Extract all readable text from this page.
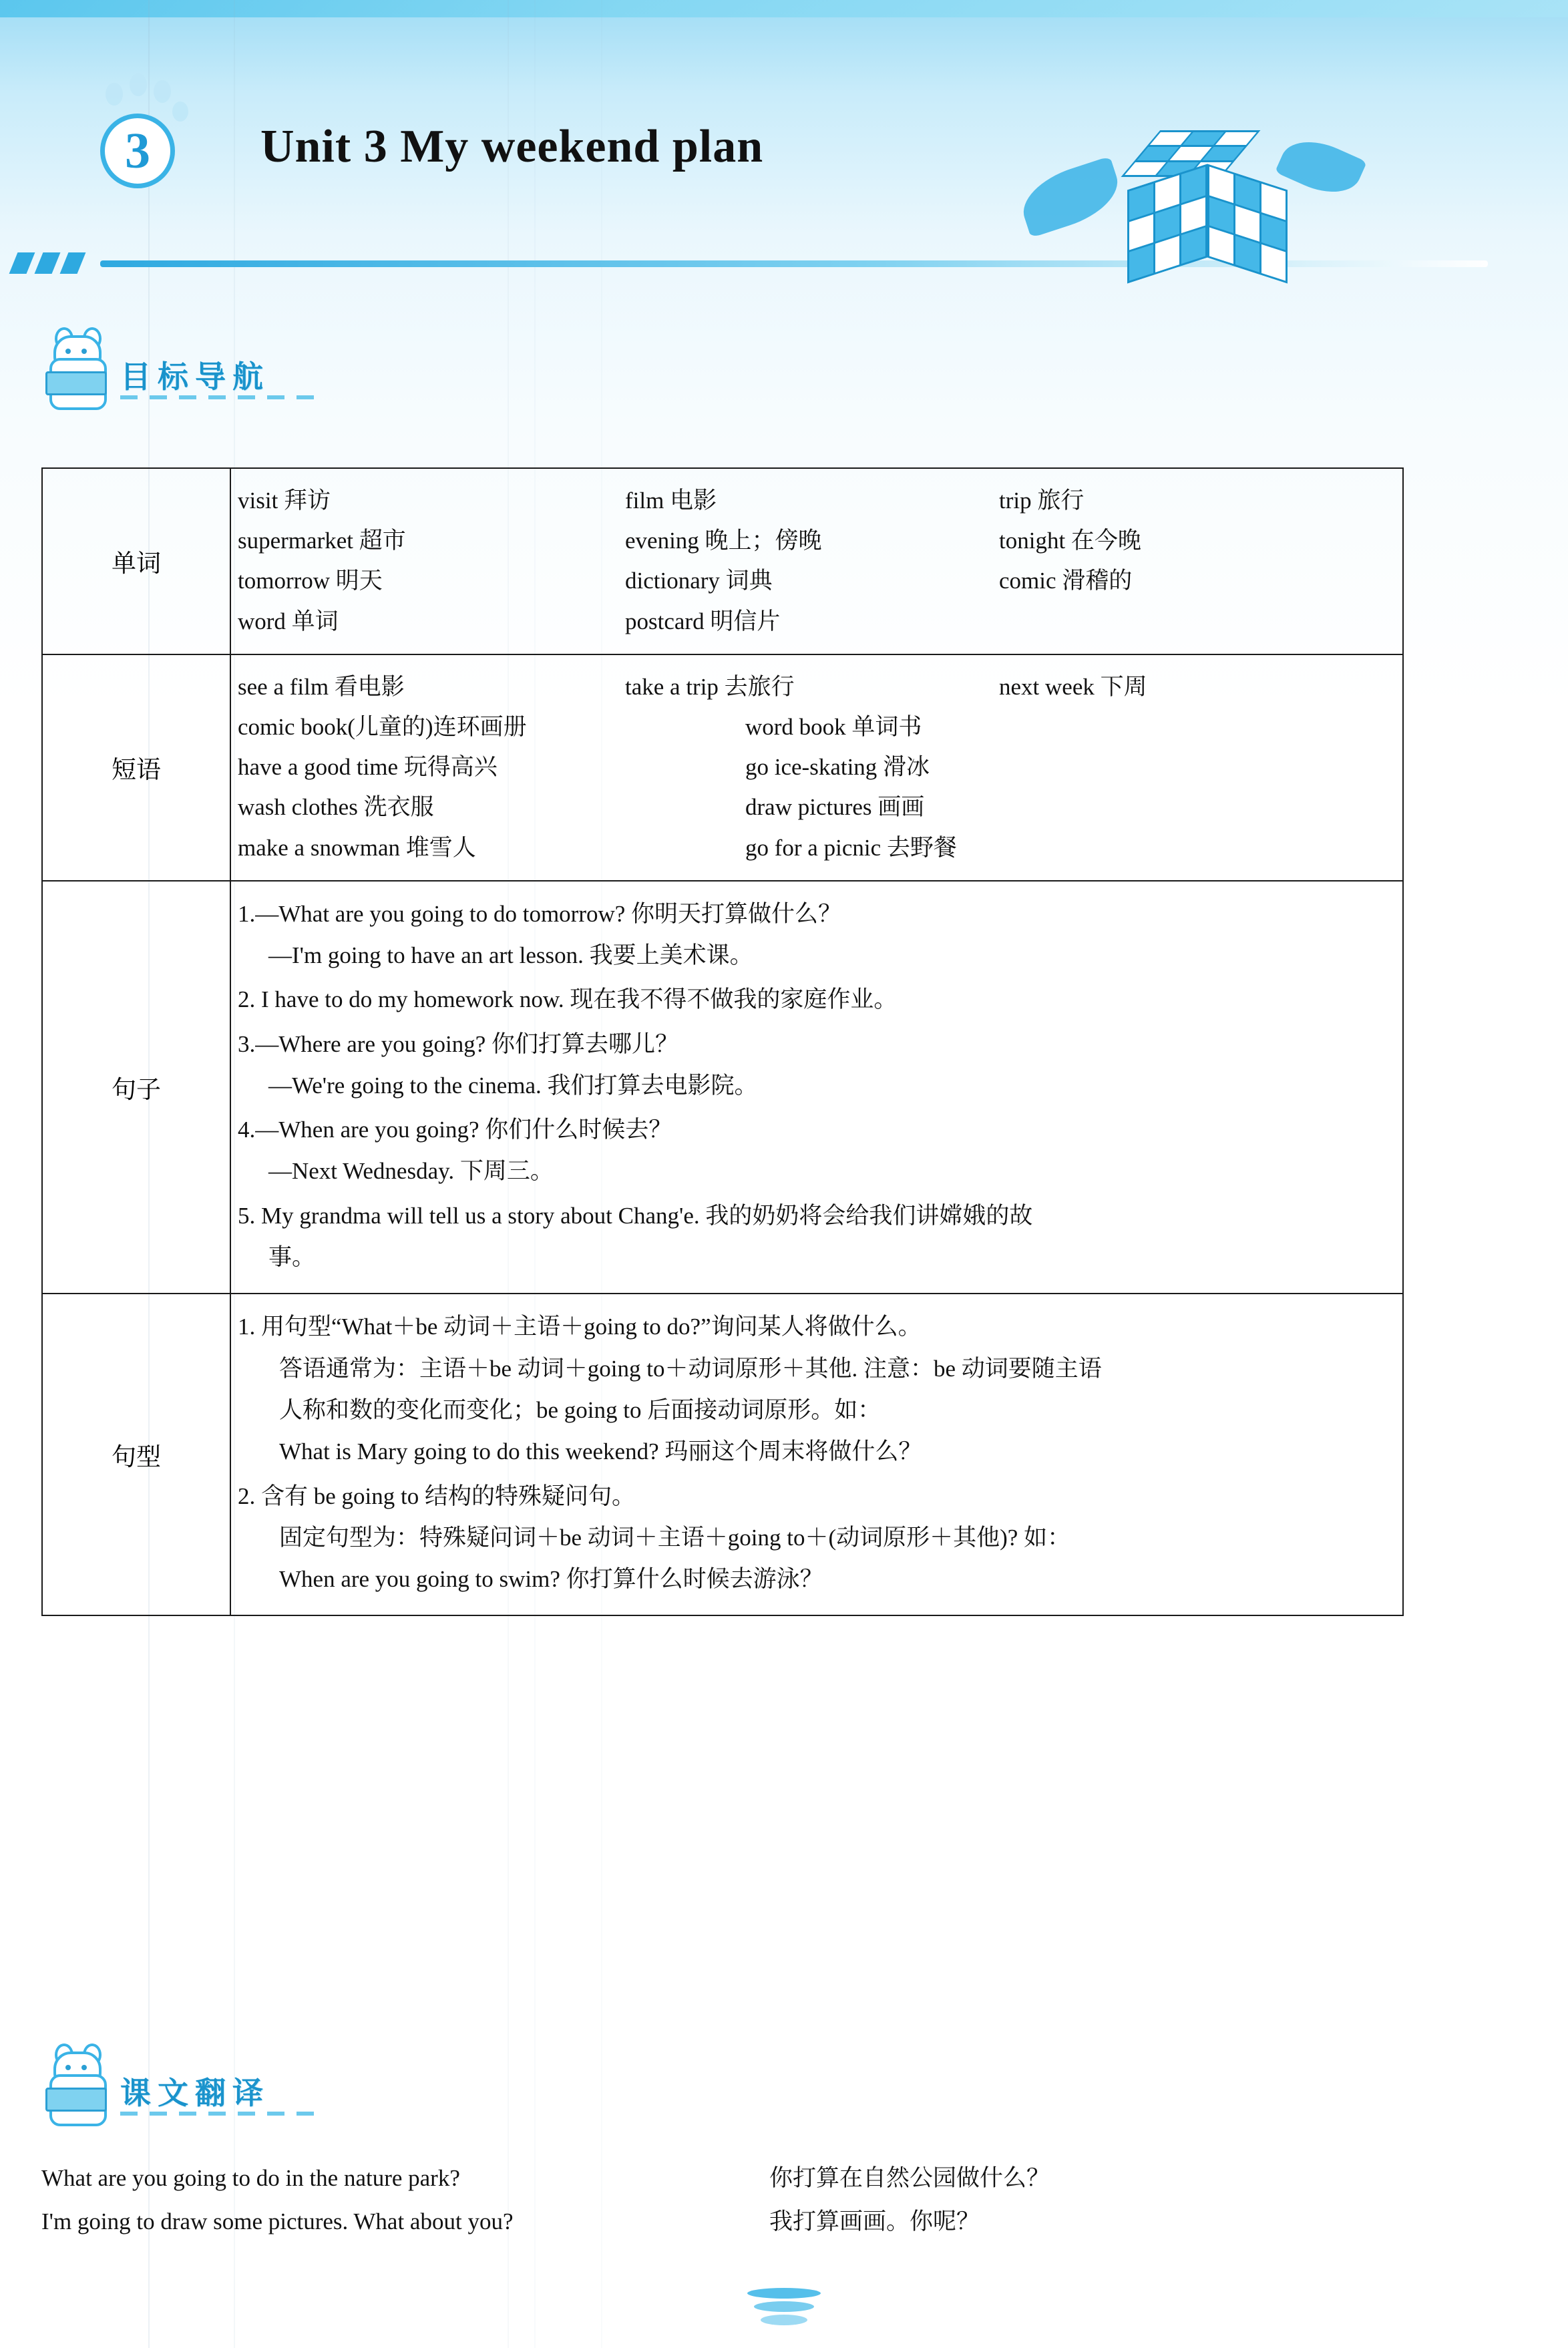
3	Unit 3 My weekend plan
目标导航
单词	
visit 拜访	film 电影	trip 旅行
supermarket 超市	evening 晚上；傍晚	tonight 在今晚
tomorrow 明天	dictionary 词典	comic 滑稽的
word 单词	postcard 明信片

短语	
see a film 看电影	take a trip 去旅行	next week 下周
comic book(儿童的)连环画册	word book 单词书
have a good time 玩得高兴	go ice-skating 滑冰
wash clothes 洗衣服	draw pictures 画画
make a snowman 堆雪人	go for a picnic 去野餐

句子	
1.—What are you going to do tomorrow? 你明天打算做什么？
—I'm going to have an art lesson. 我要上美术课。
2. I have to do my homework now. 现在我不得不做我的家庭作业。
3.—Where are you going? 你们打算去哪儿？
—We're going to the cinema. 我们打算去电影院。
4.—When are you going? 你们什么时候去？
—Next Wednesday. 下周三。
5. My grandma will tell us a story about Chang'e. 我的奶奶将会给我们讲嫦娥的故
事。

句型	
1. 用句型“What＋be 动词＋主语＋going to do?”询问某人将做什么。
答语通常为：主语＋be 动词＋going to＋动词原形＋其他. 注意：be 动词要随主语
人称和数的变化而变化；be going to 后面接动词原形。如：
What is Mary going to do this weekend? 玛丽这个周末将做什么？
2. 含有 be going to 结构的特殊疑问句。
固定句型为：特殊疑问词＋be 动词＋主语＋going to＋(动词原形＋其他)? 如：
When are you going to swim? 你打算什么时候去游泳？
课文翻译
What are you going to do in the nature park?	你打算在自然公园做什么？
I'm going to draw some pictures. What about you?	我打算画画。你呢？
